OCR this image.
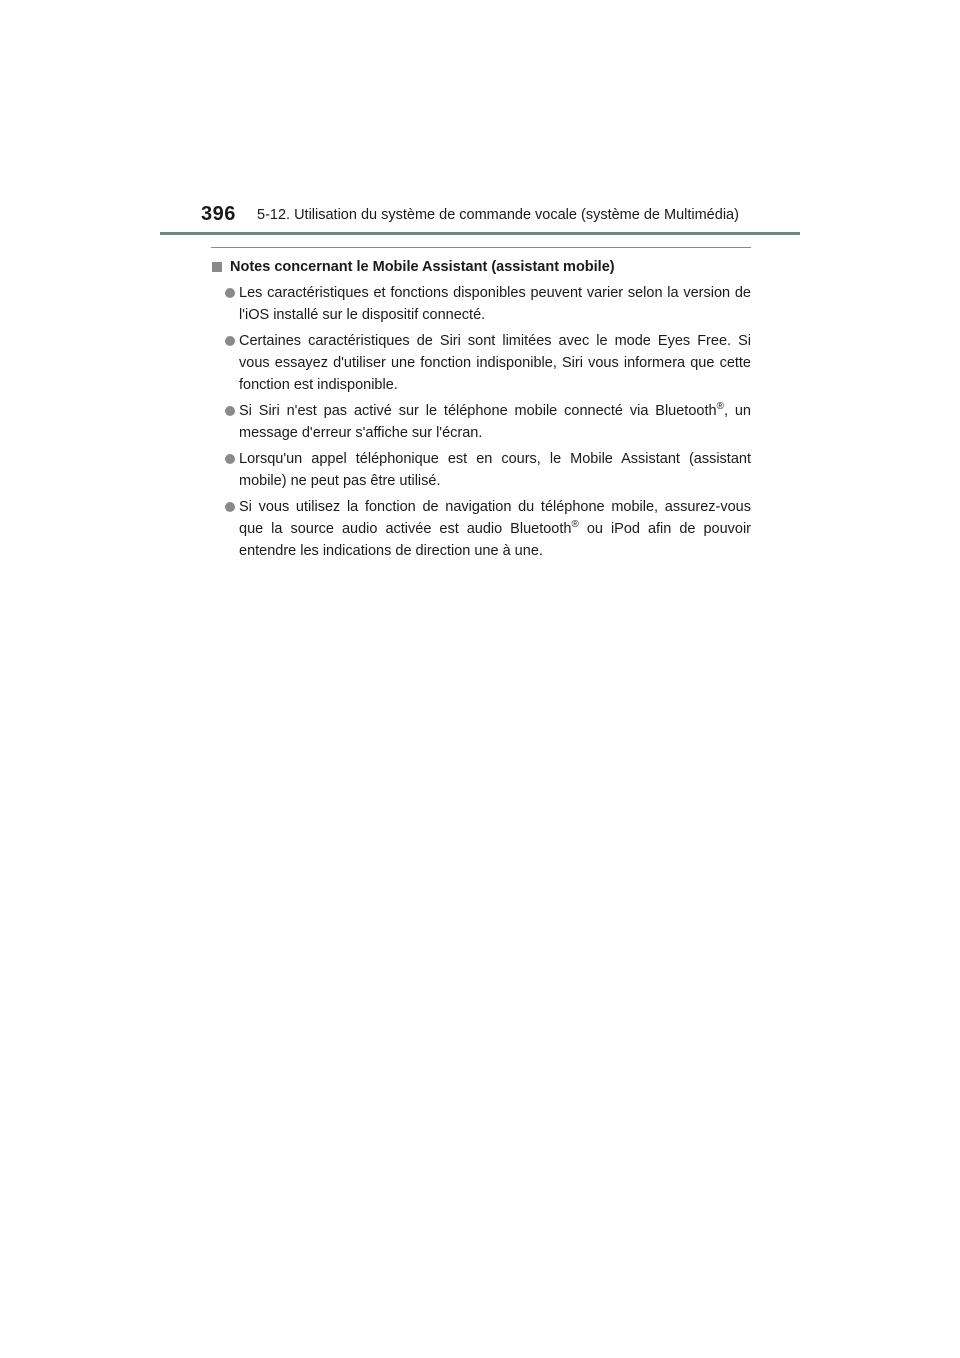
396 5-12. Utilisation du système de commande vocale (système de Multimédia)
Notes concernant le Mobile Assistant (assistant mobile)
Les caractéristiques et fonctions disponibles peuvent varier selon la version de l'iOS installé sur le dispositif connecté.
Certaines caractéristiques de Siri sont limitées avec le mode Eyes Free. Si vous essayez d'utiliser une fonction indisponible, Siri vous informera que cette fonction est indisponible.
Si Siri n'est pas activé sur le téléphone mobile connecté via Bluetooth®, un message d'erreur s'affiche sur l'écran.
Lorsqu'un appel téléphonique est en cours, le Mobile Assistant (assistant mobile) ne peut pas être utilisé.
Si vous utilisez la fonction de navigation du téléphone mobile, assurez-vous que la source audio activée est audio Bluetooth® ou iPod afin de pouvoir entendre les indications de direction une à une.
